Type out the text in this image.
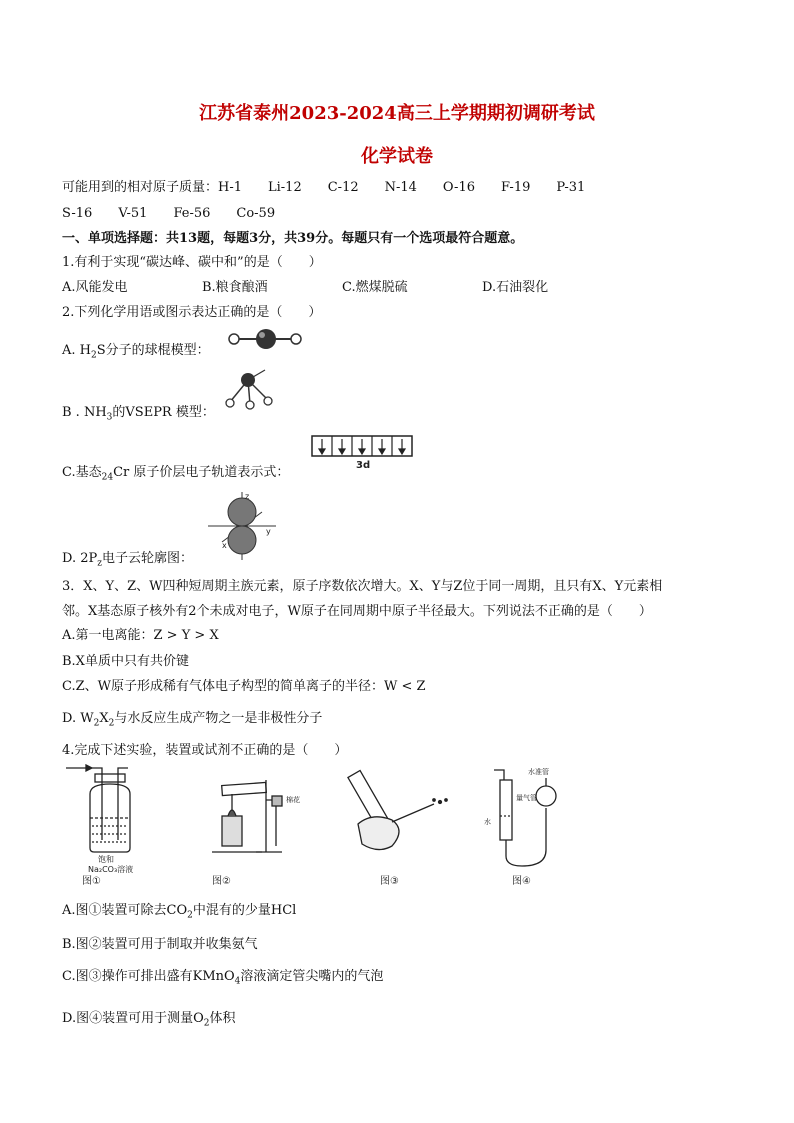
江苏省泰州2023-2024高三上学期期初调研考试
化学试卷
可能用到的相对原子质量：H-1　　Li-12　　C-12　　N-14　　O-16　　F-19　　P-31
S-16　　V-51　　Fe-56　　Co-59
一、单项选择题：共13题，每题3分，共39分。每题只有一个选项最符合题意。
1.有利于实现“碳达峰、碳中和”的是（　　）
A.风能发电	B.粮食酿酒	C.燃煤脱硫	D.石油裂化
2.下列化学用语或图示表达正确的是（　　）
A. $H_2S$分子的球棍模型：
B . $NH_3$的VSEPR 模型：
C.基态$_{24}$Cr 原子价层电子轨道表示式：	3d
D. $2P_z$电子云轮廓图：
z
x
y
3．X、Y、Z、W四种短周期主族元素，原子序数依次增大。X、Y与Z位于同一周期，且只有X、Y元素相
邻。X基态原子核外有2个未成对电子，W原子在同周期中原子半径最大。下列说法不正确的是（　　）
A.第一电离能：Z > Y > X
B.X单质中只有共价键
C.Z、W原子形成稀有气体电子构型的简单离子的半径：W < Z
D. $W_2X_2$与水反应生成产物之一是非极性分子
4.完成下述实验，装置或试剂不正确的是（　　）
饱和
Na₂CO₃溶液
图①
棉花
图②	图③
水
量气管
水准管
图④
A.图①装置可除去$CO_2$中混有的少量HCl
B.图②装置可用于制取并收集氨气
C.图③操作可排出盛有KMnO$_4$溶液滴定管尖嘴内的气泡
D.图④装置可用于测量$O_2$体积
